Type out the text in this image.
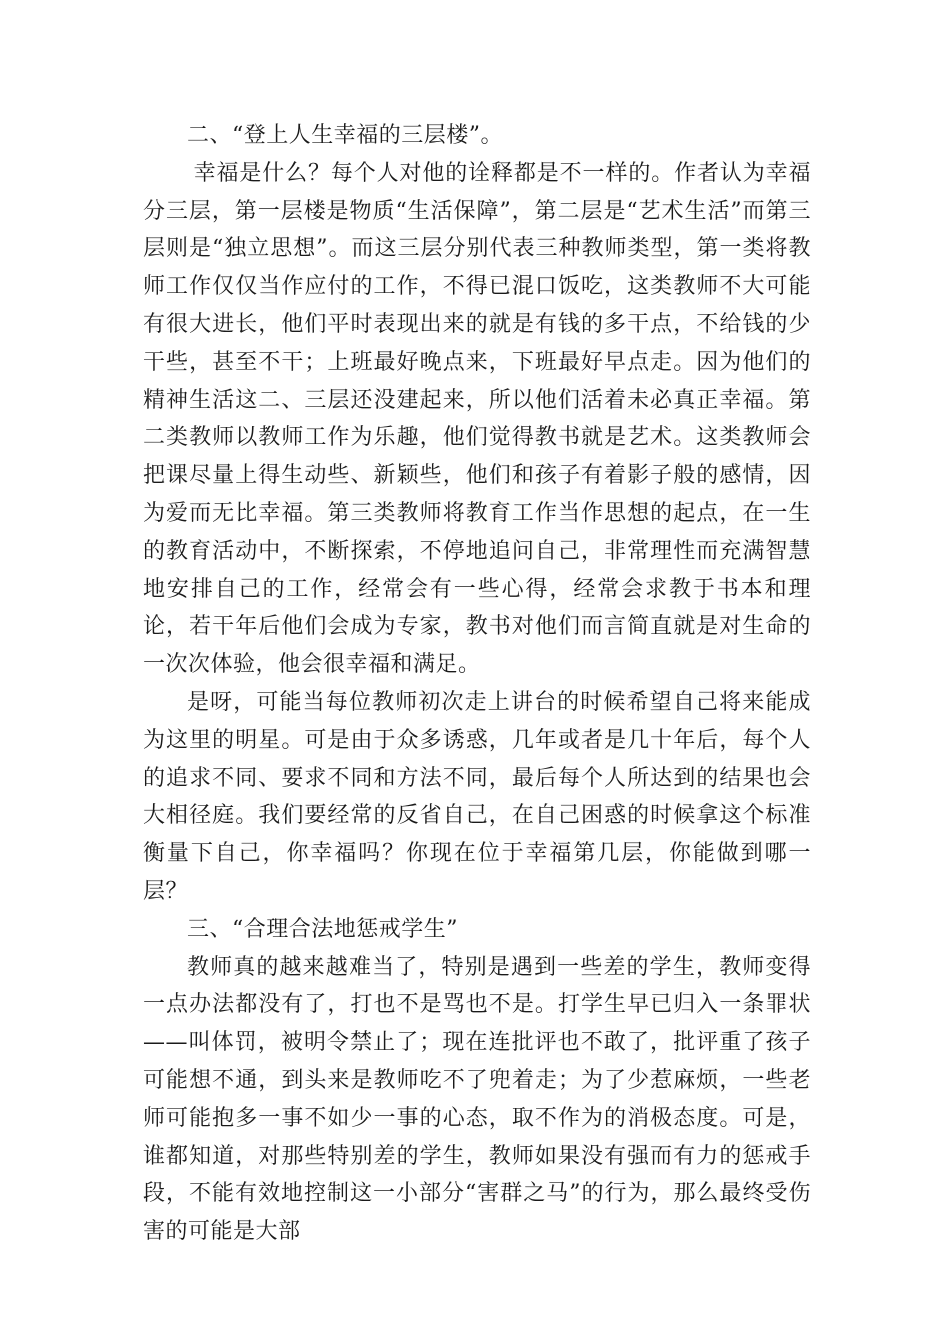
二、“登上人生幸福的三层楼”。

幸福是什么？每个人对他的诠释都是不一样的。作者认为幸福分三层，第一层楼是物质“生活保障”，第二层是“艺术生活”而第三层则是“独立思想”。而这三层分别代表三种教师类型，第一类将教师工作仅仅当作应付的工作，不得已混口饭吃，这类教师不大可能有很大进长，他们平时表现出来的就是有钱的多干点，不给钱的少干些，甚至不干；上班最好晚点来，下班最好早点走。因为他们的精神生活这二、三层还没建起来，所以他们活着未必真正幸福。第二类教师以教师工作为乐趣，他们觉得教书就是艺术。这类教师会把课尽量上得生动些、新颖些，他们和孩子有着影子般的感情，因为爱而无比幸福。第三类教师将教育工作当作思想的起点，在一生的教育活动中，不断探索，不停地追问自己，非常理性而充满智慧地安排自己的工作，经常会有一些心得，经常会求教于书本和理论，若干年后他们会成为专家，教书对他们而言简直就是对生命的一次次体验，他会很幸福和满足。

是呀，可能当每位教师初次走上讲台的时候希望自己将来能成为这里的明星。可是由于众多诱惑，几年或者是几十年后，每个人的追求不同、要求不同和方法不同，最后每个人所达到的结果也会大相径庭。我们要经常的反省自己，在自己困惑的时候拿这个标准衡量下自己，你幸福吗？你现在位于幸福第几层，你能做到哪一层？

三、“合理合法地惩戒学生”

教师真的越来越难当了，特别是遇到一些差的学生，教师变得一点办法都没有了，打也不是骂也不是。打学生早已归入一条罪状——叫体罚，被明令禁止了；现在连批评也不敢了，批评重了孩子可能想不通，到头来是教师吃不了兜着走；为了少惹麻烦，一些老师可能抱多一事不如少一事的心态，取不作为的消极态度。可是，谁都知道，对那些特别差的学生，教师如果没有强而有力的惩戒手段，不能有效地控制这一小部分“害群之马”的行为，那么最终受伤害的可能是大部
